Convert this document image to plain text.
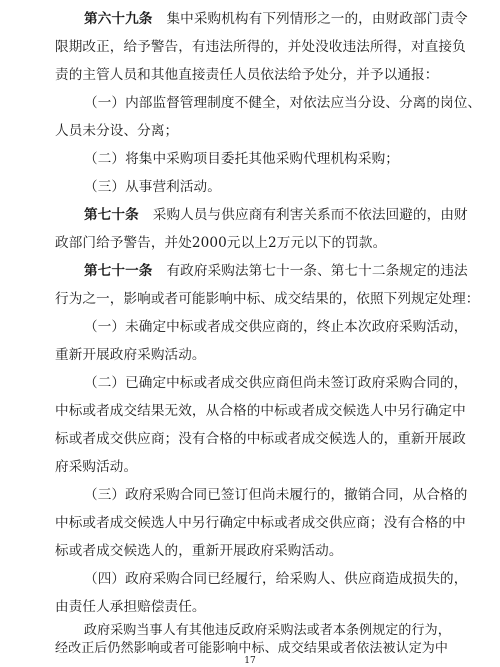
第六十九条 集中采购机构有下列情形之一的，由财政部门责令
限期改正，给予警告，有违法所得的，并处没收违法所得，对直接负
责的主管人员和其他直接责任人员依法给予处分，并予以通报：
（一）内部监督管理制度不健全，对依法应当分设、分离的岗位、
人员未分设、分离；
（二）将集中采购项目委托其他采购代理机构采购；
（三）从事营利活动。
第七十条 采购人员与供应商有利害关系而不依法回避的，由财
政部门给予警告，并处2000元以上2万元以下的罚款。
第七十一条 有政府采购法第七十一条、第七十二条规定的违法
行为之一，影响或者可能影响中标、成交结果的，依照下列规定处理：
（一）未确定中标或者成交供应商的，终止本次政府采购活动，
重新开展政府采购活动。
（二）已确定中标或者成交供应商但尚未签订政府采购合同的，
中标或者成交结果无效，从合格的中标或者成交候选人中另行确定中
标或者成交供应商；没有合格的中标或者成交候选人的，重新开展政
府采购活动。
（三）政府采购合同已签订但尚未履行的，撤销合同，从合格的
中标或者成交候选人中另行确定中标或者成交供应商；没有合格的中
标或者成交候选人的，重新开展政府采购活动。
（四）政府采购合同已经履行，给采购人、供应商造成损失的，
由责任人承担赔偿责任。
17
政府采购当事人有其他违反政府采购法或者本条例规定的行为，
经改正后仍然影响或者可能影响中标、成交结果或者依法被认定为中
